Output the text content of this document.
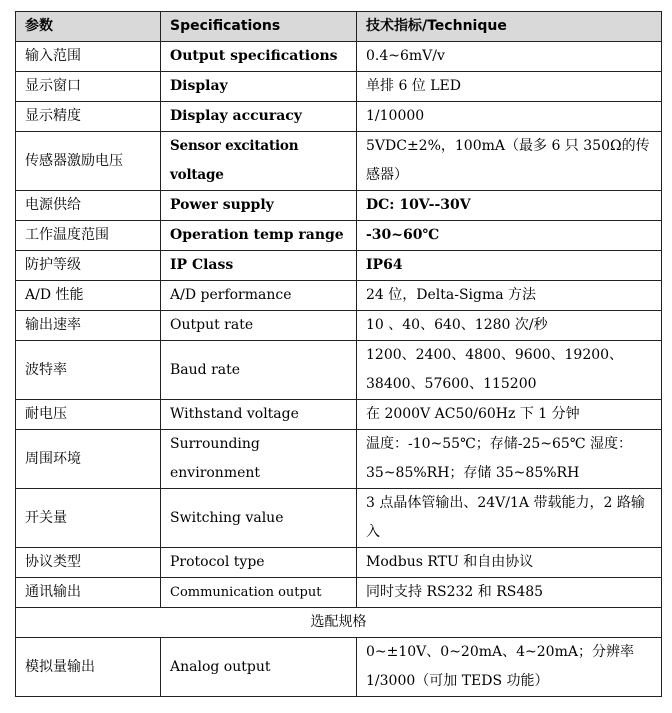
参数	Specifications	技术指标/Technique
输入范围	Output specifications	0.4~6mV/v
显示窗口	Display	单排 6 位 LED
显示精度	Display accuracy	1/10000
传感器激励电压	Sensor excitation voltage	5VDC±2%，100mA（最多 6 只 350Ω的传感器）
电源供给	Power supply	DC: 10V--30V
工作温度范围	Operation temp range	-30~60℃
防护等级	IP Class	IP64
A/D 性能	A/D performance	24 位，Delta-Sigma 方法
输出速率	Output rate	10 、40、640、1280 次/秒
波特率	Baud rate	1200、2400、4800、9600、19200、38400、57600、115200
耐电压	Withstand voltage	在 2000V AC50/60Hz 下 1 分钟
周围环境	Surrounding environment	温度：-10~55℃；存储-25~65℃ 湿度：35~85%RH；存储 35~85%RH
开关量	Switching value	3 点晶体管输出、24V/1A 带载能力，2 路输入
协议类型	Protocol type	Modbus RTU 和自由协议
通讯输出	Communication output	同时支持 RS232 和 RS485
选配规格		
模拟量输出	Analog output	0~±10V、0~20mA、4~20mA；分辨率 1/3000（可加 TEDS 功能）
